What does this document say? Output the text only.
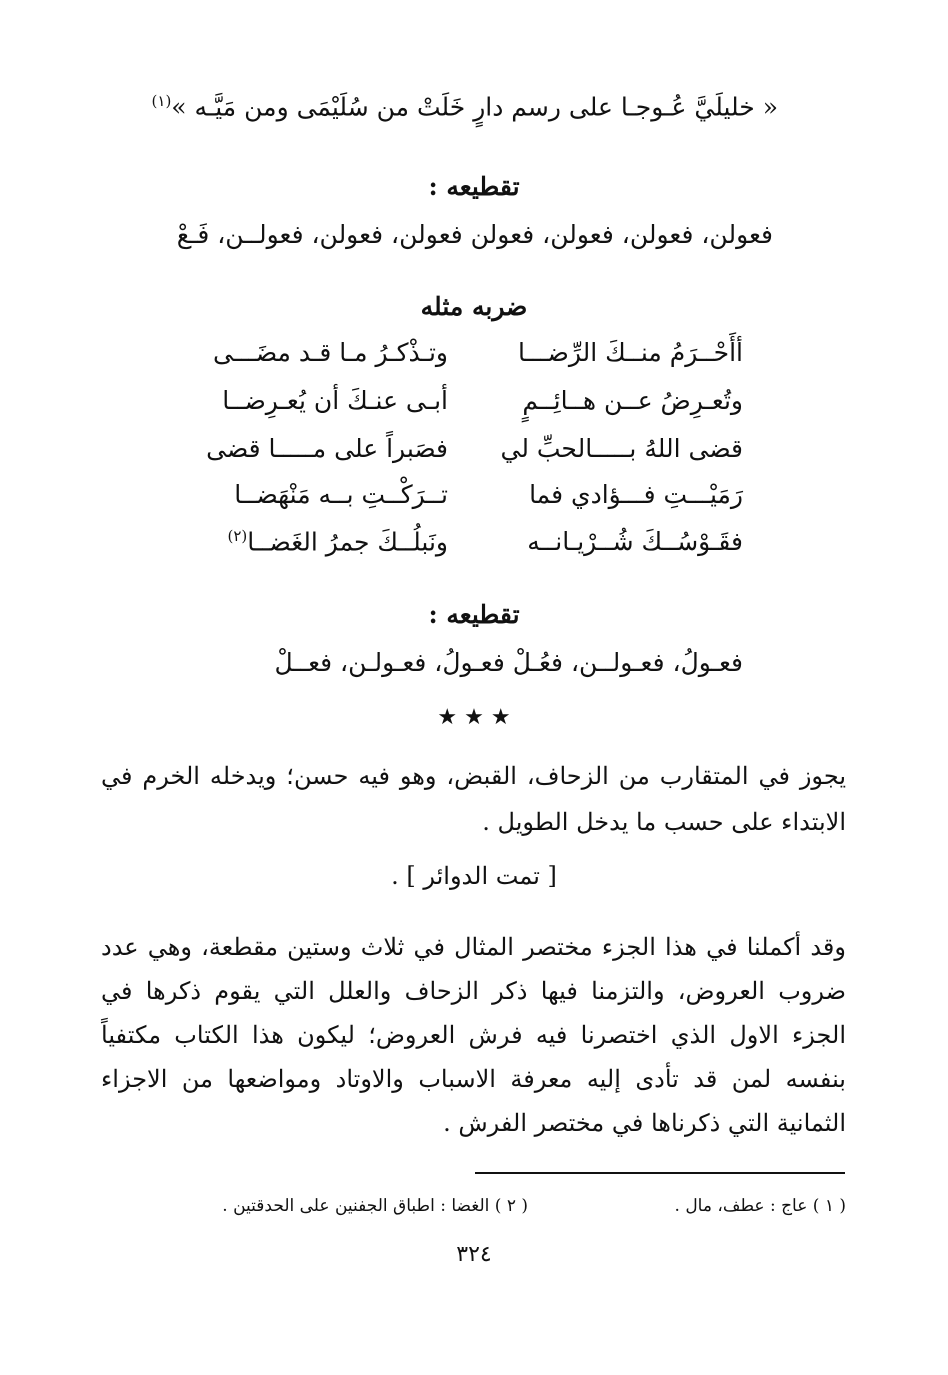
« خليلَيَّ عُـوجـا على رسم دارٍ خَلَتْ من سُلَيْمَى ومن مَيَّـه »$^{(١)}$
تقطيعه :
فعولن، فعولن، فعولن، فعولن فعولن، فعولن، فعولــن، فَـعْ
ضربه مثله
أأَحْــرَمُ منــكَ الرِّضـــا
وتـذْكـرُ مـا قـد مضَـــى
وتُعـرِضُ عــن هــائِــمٍ
أبـى عنـكَ أن يُعـرِضــا
قضى اللهُ بـــــالحبِّ لي
فصَبراً على مـــــا قضى
رَمَيْـــتِ فـــؤادي فما
تــرَكْــتِ بــه مَنْهَضــا
فقَـوْسُــكَ شُــرْيـانــه
ونَبلُــكَ جمرُ الغَضــا$^{(٢)}$
تقطيعه :
فعـولُ، فعـولــن، فعُـلْ فعـولُ، فعـولـن، فعــلْ
★ ★ ★
يجوز في المتقارب من الزحاف، القبض، وهو فيه حسن؛ ويدخله الخرم في الابتداء على حسب ما يدخل الطويل .
[ تمت الدوائر ] .
وقد أكملنا في هذا الجزء مختصر المثال في ثلاث وستين مقطعة، وهي عدد ضروب العروض، والتزمنا فيها ذكر الزحاف والعلل التي يقوم ذكرها في الجزء الاول الذي اختصرنا فيه فرش العروض؛ ليكون هذا الكتاب مكتفياً بنفسه لمن قد تأدى إليه معرفة الاسباب والاوتاد ومواضعها من الاجزاء الثمانية التي ذكرناها في مختصر الفرش .
( ١ ) عاج : عطف، مال .
( ٢ ) الغضا : اطباق الجفنين على الحدقتين .
٣٢٤
